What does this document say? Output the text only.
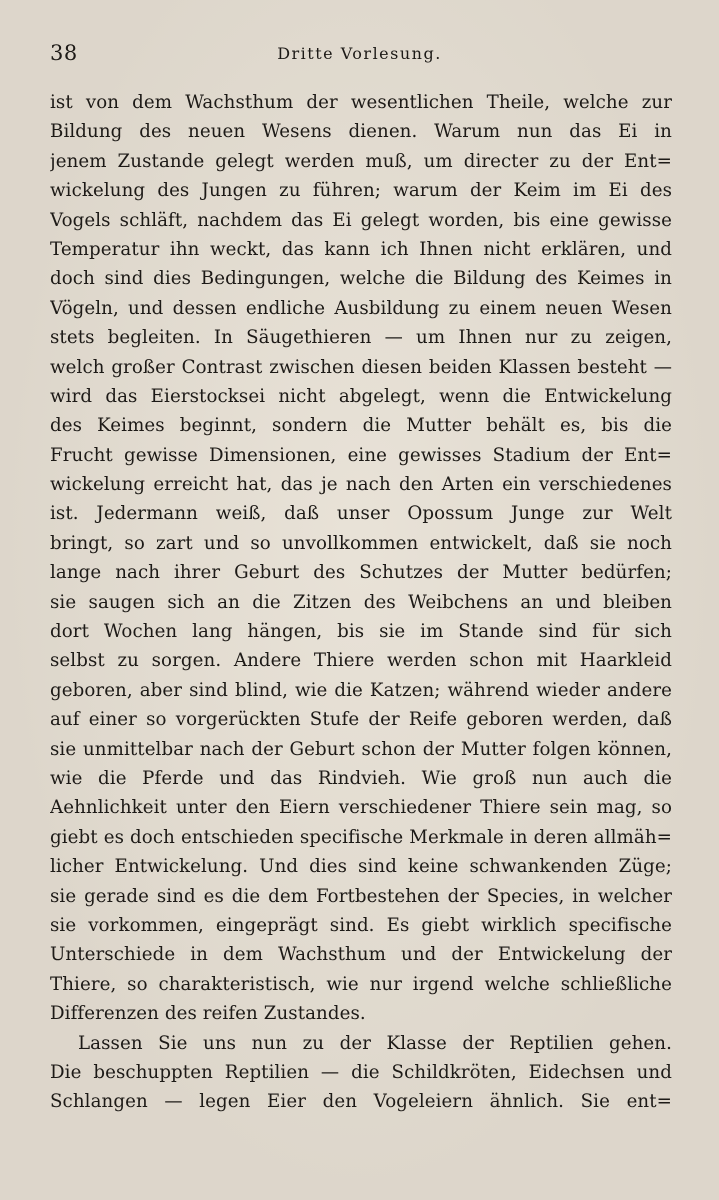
38	Dritte Vorlesung.
ist von dem Wachsthum der wesentlichen Theile, welche zur
Bildung des neuen Wesens dienen. Warum nun das Ei in
jenem Zustande gelegt werden muß, um directer zu der Ent=
wickelung des Jungen zu führen; warum der Keim im Ei des
Vogels schläft, nachdem das Ei gelegt worden, bis eine gewisse
Temperatur ihn weckt, das kann ich Ihnen nicht erklären, und
doch sind dies Bedingungen, welche die Bildung des Keimes in
Vögeln, und dessen endliche Ausbildung zu einem neuen Wesen
stets begleiten. In Säugethieren — um Ihnen nur zu zeigen,
welch großer Contrast zwischen diesen beiden Klassen besteht —
wird das Eierstocksei nicht abgelegt, wenn die Entwickelung
des Keimes beginnt, sondern die Mutter behält es, bis die
Frucht gewisse Dimensionen, eine gewisses Stadium der Ent=
wickelung erreicht hat, das je nach den Arten ein verschiedenes
ist. Jedermann weiß, daß unser Opossum Junge zur Welt
bringt, so zart und so unvollkommen entwickelt, daß sie noch
lange nach ihrer Geburt des Schutzes der Mutter bedürfen;
sie saugen sich an die Zitzen des Weibchens an und bleiben
dort Wochen lang hängen, bis sie im Stande sind für sich
selbst zu sorgen. Andere Thiere werden schon mit Haarkleid
geboren, aber sind blind, wie die Katzen; während wieder andere
auf einer so vorgerückten Stufe der Reife geboren werden, daß
sie unmittelbar nach der Geburt schon der Mutter folgen können,
wie die Pferde und das Rindvieh. Wie groß nun auch die
Aehnlichkeit unter den Eiern verschiedener Thiere sein mag, so
giebt es doch entschieden specifische Merkmale in deren allmäh=
licher Entwickelung. Und dies sind keine schwankenden Züge;
sie gerade sind es die dem Fortbestehen der Species, in welcher
sie vorkommen, eingeprägt sind. Es giebt wirklich specifische
Unterschiede in dem Wachsthum und der Entwickelung der
Thiere, so charakteristisch, wie nur irgend welche schließliche
Differenzen des reifen Zustandes.
Lassen Sie uns nun zu der Klasse der Reptilien gehen.
Die beschuppten Reptilien — die Schildkröten, Eidechsen und
Schlangen — legen Eier den Vogeleiern ähnlich. Sie ent=
